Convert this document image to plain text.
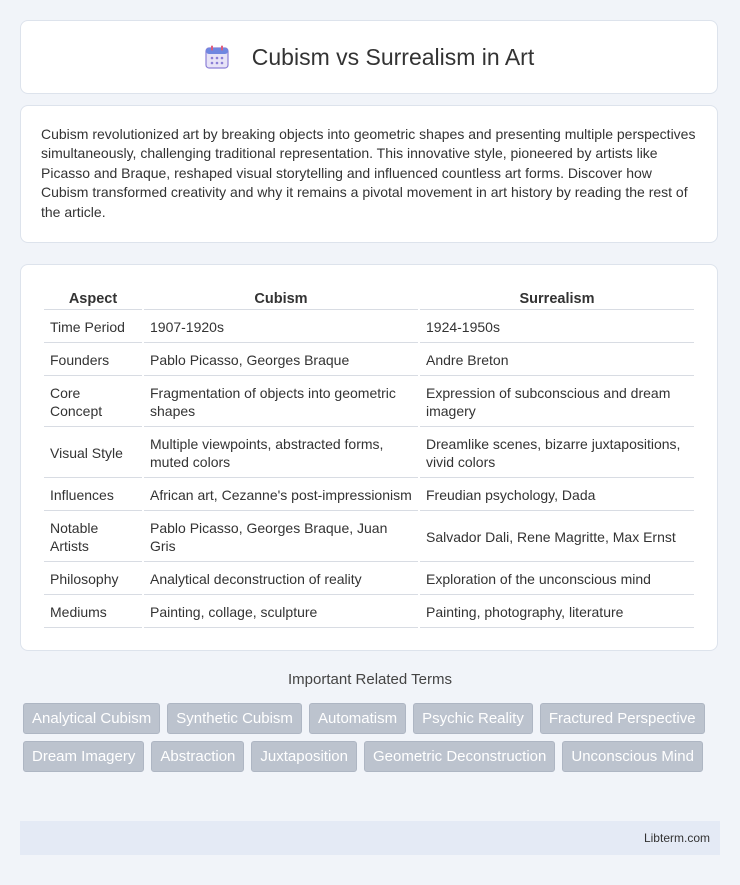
Cubism vs Surrealism in Art

Cubism revolutionized art by breaking objects into geometric shapes and presenting multiple perspectives simultaneously, challenging traditional representation. This innovative style, pioneered by artists like Picasso and Braque, reshaped visual storytelling and influenced countless art forms. Discover how Cubism transformed creativity and why it remains a pivotal movement in art history by reading the rest of the article.

Aspect	Cubism	Surrealism
Time Period	1907-1920s	1924-1950s
Founders	Pablo Picasso, Georges Braque	Andre Breton
Core Concept	Fragmentation of objects into geometric shapes	Expression of subconscious and dream imagery
Visual Style	Multiple viewpoints, abstracted forms, muted colors	Dreamlike scenes, bizarre juxtapositions, vivid colors
Influences	African art, Cezanne's post-impressionism	Freudian psychology, Dada
Notable Artists	Pablo Picasso, Georges Braque, Juan Gris	Salvador Dali, Rene Magritte, Max Ernst
Philosophy	Analytical deconstruction of reality	Exploration of the unconscious mind
Mediums	Painting, collage, sculpture	Painting, photography, literature
Important Related Terms
Analytical Cubism	Synthetic Cubism	Automatism	Psychic Reality	Fractured Perspective
Dream Imagery	Abstraction	Juxtaposition	Geometric Deconstruction	Unconscious Mind
Libterm.com
